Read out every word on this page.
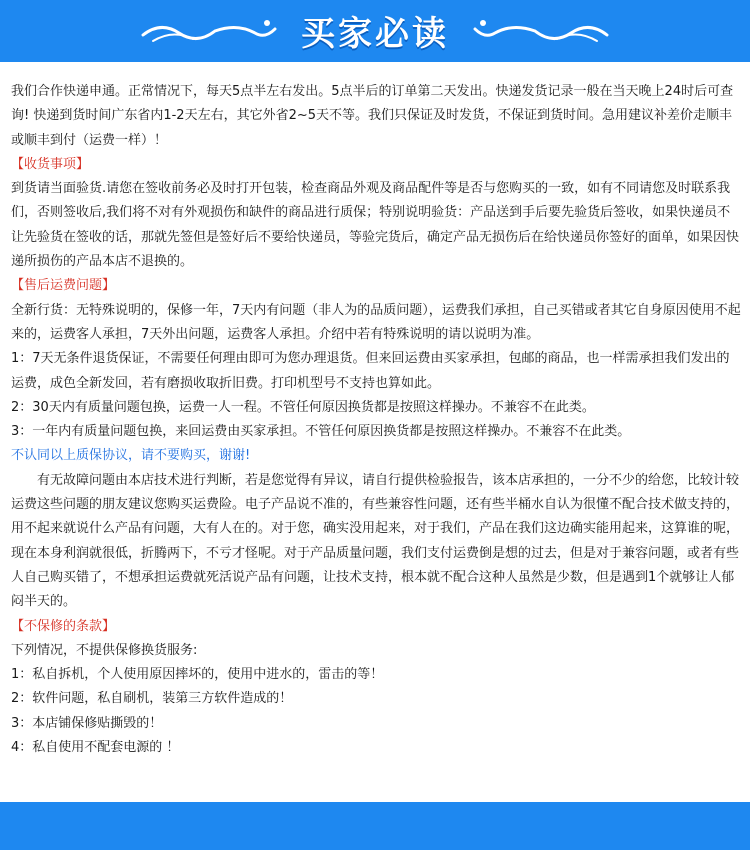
买家必读

我们合作快递申通。正常情况下，每天5点半左右发出。5点半后的订单第二天发出。快递发货记录一般在当天晚上24时后可查询! 快递到货时间广东省内1-2天左右，其它外省2~5天不等。我们只保证及时发货，不保证到货时间。急用建议补差价走顺丰或顺丰到付（运费一样）！

【收货事项】

到货请当面验货.请您在签收前务必及时打开包装，检查商品外观及商品配件等是否与您购买的一致，如有不同请您及时联系我们，否则签收后,我们将不对有外观损伤和缺件的商品进行质保；特别说明验货：产品送到手后要先验货后签收，如果快递员不让先验货在签收的话，那就先签但是签好后不要给快递员，等验完货后，确定产品无损伤后在给快递员你签好的面单，如果因快递所损伤的产品本店不退换的。

【售后运费问题】

全新行货：无特殊说明的，保修一年，7天内有问题（非人为的品质问题），运费我们承担，自己买错或者其它自身原因使用不起来的，运费客人承担，7天外出问题，运费客人承担。介绍中若有特殊说明的请以说明为准。

1：7天无条件退货保证，不需要任何理由即可为您办理退货。但来回运费由买家承担，包邮的商品，也一样需承担我们发出的运费，成色全新发回，若有磨损收取折旧费。打印机型号不支持也算如此。

2：30天内有质量问题包换，运费一人一程。不管任何原因换货都是按照这样操办。不兼容不在此类。

3：一年内有质量问题包换，来回运费由买家承担。不管任何原因换货都是按照这样操办。不兼容不在此类。

不认同以上质保协议，请不要购买，谢谢!

有无故障问题由本店技术进行判断，若是您觉得有异议，请自行提供检验报告，该本店承担的，一分不少的给您，比较计较运费这些问题的朋友建议您购买运费险。电子产品说不准的，有些兼容性问题，还有些半桶水自认为很懂不配合技术做支持的，用不起来就说什么产品有问题，大有人在的。对于您，确实没用起来，对于我们，产品在我们这边确实能用起来，这算谁的呢，现在本身利润就很低，折腾两下，不亏才怪呢。对于产品质量问题，我们支付运费倒是想的过去，但是对于兼容问题，或者有些人自己购买错了，不想承担运费就死活说产品有问题，让技术支持，根本就不配合这种人虽然是少数，但是遇到1个就够让人郁闷半天的。

【不保修的条款】

下列情况，不提供保修换货服务:

1：私自拆机，个人使用原因摔坏的，使用中进水的，雷击的等！

2：软件问题，私自刷机，装第三方软件造成的！

3：本店铺保修贴撕毁的！

4：私自使用不配套电源的 ！
